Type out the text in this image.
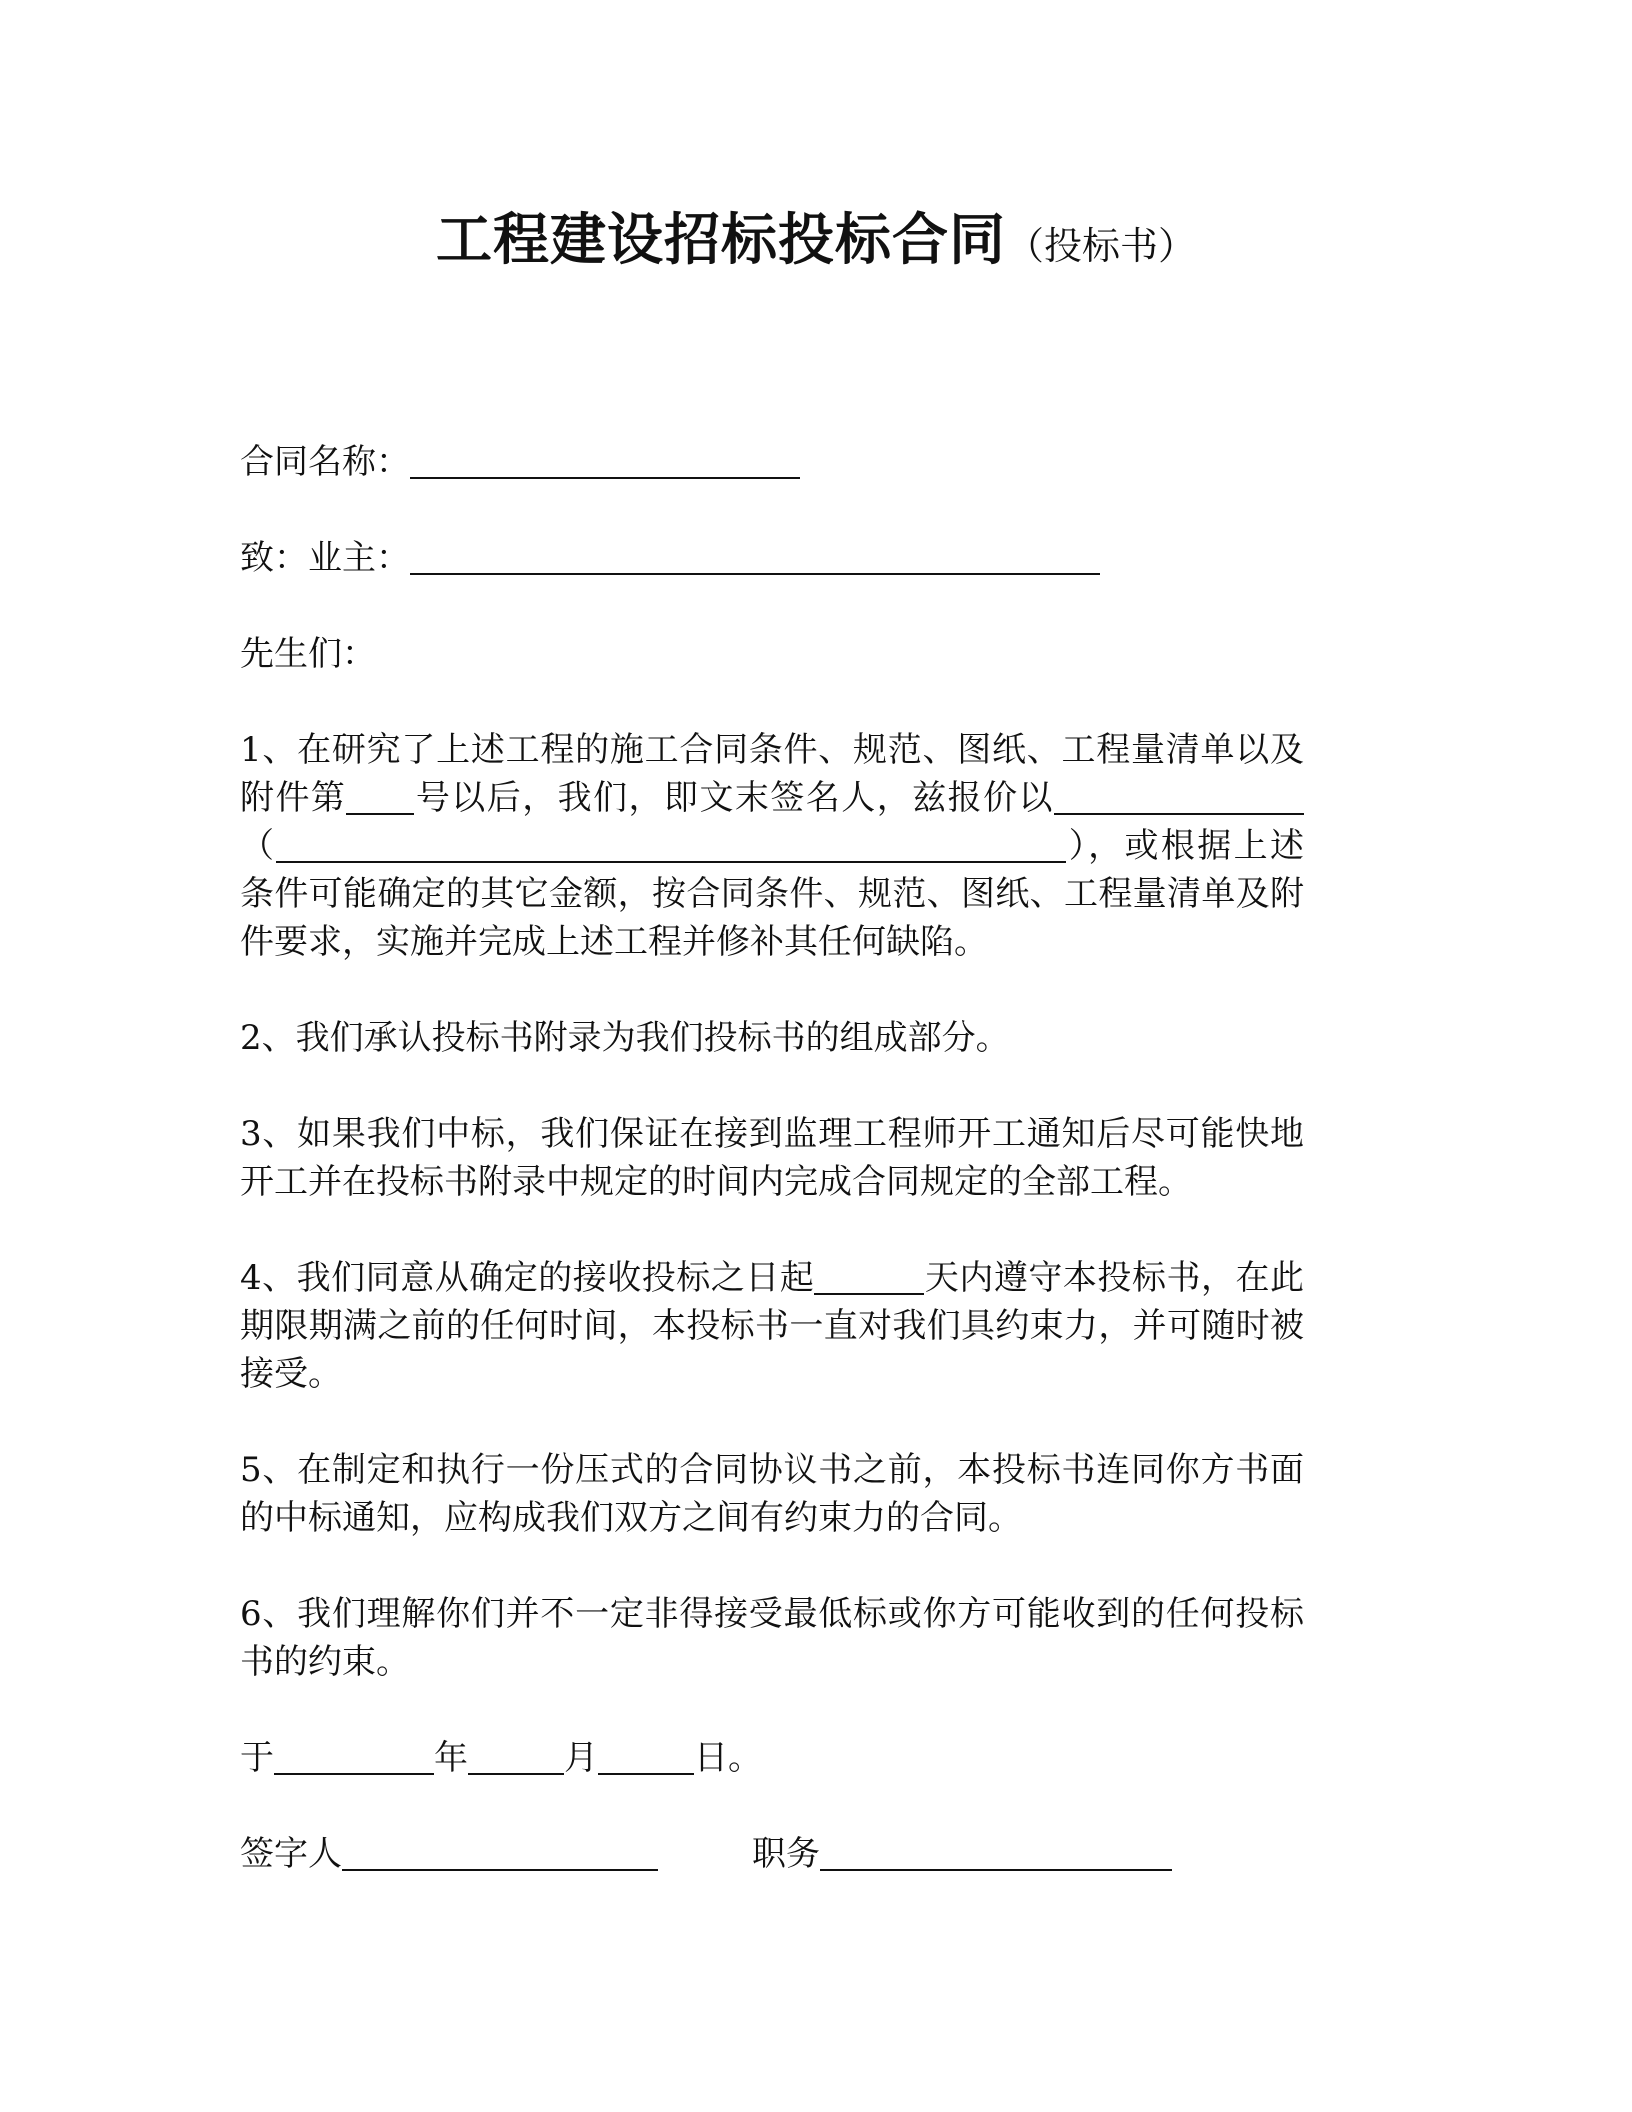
工程建设招标投标合同（投标书）
合同名称：
致：业主：
先生们：
1、在研究了上述工程的施工合同条件、规范、图纸、工程量清单以及附件第 号以后，我们，即文末签名人，兹报价以（	），或根据上述条件可能确定的其它金额，按合同条件、规范、图纸、工程量清单及附件要求，实施并完成上述工程并修补其任何缺陷。
2、我们承认投标书附录为我们投标书的组成部分。
3、如果我们中标，我们保证在接到监理工程师开工通知后尽可能快地开工并在投标书附录中规定的时间内完成合同规定的全部工程。
4、我们同意从确定的接收投标之日起	天内遵守本投标书，在此期限期满之前的任何时间，本投标书一直对我们具约束力，并可随时被接受。
5、在制定和执行一份压式的合同协议书之前，本投标书连同你方书面的中标通知，应构成我们双方之间有约束力的合同。
6、我们理解你们并不一定非得接受最低标或你方可能收到的任何投标书的约束。
于	年	月	日。
签字人	职务
